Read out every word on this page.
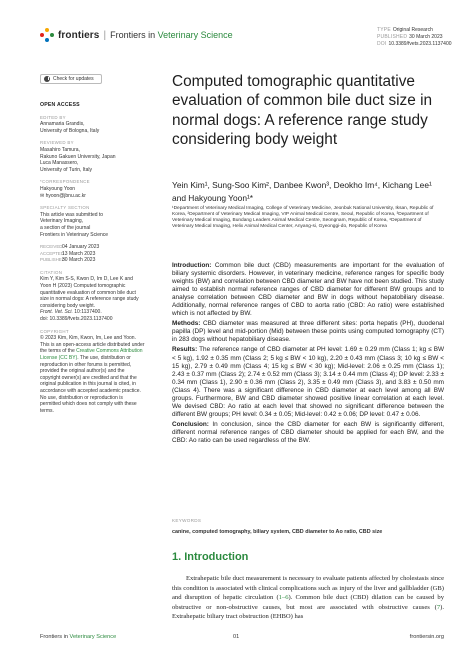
frontiers | Frontiers in Veterinary Science	TYPE Original Research
PUBLISHED 30 March 2023
DOI 10.3389/fvets.2023.1137400
Check for updates
OPEN ACCESS
EDITED BY
Annamaria Grandis,
University of Bologna, Italy
REVIEWED BY
Masahiro Tamura,
Rakuno Gakuen University, Japan
Luca Manassero,
University of Turin, Italy
*CORRESPONDENCE
Hakyoung Yoon
✉ hyoon@jbnu.ac.kr
SPECIALTY SECTION
This article was submitted to
Veterinary Imaging,
a section of the journal
Frontiers in Veterinary Science
RECEIVED 04 January 2023
ACCEPTED
13 March 2023
PUBLISHED
30 March 2023
CITATION
Kim Y, Kim S-S, Kwon D, Im D, Lee K and
Yoon H (2023) Computed tomographic
quantitative evaluation of common bile duct
size in normal dogs: A reference range study
considering body weight.
Front. Vet. Sci. 10:1137400.
doi: 10.3389/fvets.2023.1137400
COPYRIGHT
© 2023 Kim, Kim, Kwon, Im, Lee and Yoon.
This is an open-access article distributed under
the terms of the Creative Commons Attribution
License (CC BY). The use, distribution or
reproduction in other forums is permitted,
provided the original author(s) and the
copyright owner(s) are credited and that the
original publication in this journal is cited, in
accordance with accepted academic practice.
No use, distribution or reproduction is
permitted which does not comply with these
terms.
Computed tomographic quantitative evaluation of common bile duct size in normal dogs: A reference range study considering body weight
Yein Kim¹, Sung-Soo Kim², Danbee Kwon³, Deokho Im⁴, Kichang Lee¹ and Hakyoung Yoon¹*
¹Department of Veterinary Medical Imaging, College of Veterinary Medicine, Jeonbuk National University, Iksan, Republic of Korea, ²Department of Veterinary Medical Imaging, VIP Animal Medical Centre, Seoul, Republic of Korea, ³Department of Veterinary Medical Imaging, Bundang Leaders Animal Medical Centre, Seongnam, Republic of Korea, ⁴Department of Veterinary Medical Imaging, Helix Animal Medical Center, Anyang-si, Gyeonggi-do, Republic of Korea

Introduction: Common bile duct (CBD) measurements are important for the evaluation of biliary systemic disorders. However, in veterinary medicine, reference ranges for specific body weights (BW) and correlation between CBD diameter and BW have not been studied. This study aimed to establish normal reference ranges of CBD diameter for different BW groups and to analyse correlation between CBD diameter and BW in dogs without hepatobiliary disease. Additionally, normal reference ranges of CBD to aorta ratio (CBD: Ao ratio) were established which is not affected by BW.

Methods: CBD diameter was measured at three different sites: porta hepatis (PH), duodenal papilla (DP) level and mid-portion (Mid) between these points using computed tomography (CT) in 283 dogs without hepatobiliary disease.

Results: The reference range of CBD diameter at PH level: 1.69 ± 0.29 mm (Class 1; kg ≤ BW < 5 kg), 1.92 ± 0.35 mm (Class 2; 5 kg ≤ BW < 10 kg), 2.20 ± 0.43 mm (Class 3; 10 kg ≤ BW < 15 kg), 2.79 ± 0.49 mm (Class 4; 15 kg ≤ BW < 30 kg); Mid-level: 2.06 ± 0.25 mm (Class 1); 2.43 ± 0.37 mm (Class 2); 2.74 ± 0.52 mm (Class 3); 3.14 ± 0.44 mm (Class 4); DP level: 2.33 ± 0.34 mm (Class 1), 2.90 ± 0.36 mm (Class 2), 3.35 ± 0.49 mm (Class 3), and 3.83 ± 0.50 mm (Class 4). There was a significant difference in CBD diameter at each level among all BW groups. Furthermore, BW and CBD diameter showed positive linear correlation at each level. We devised CBD: Ao ratio at each level that showed no significant difference between the different BW groups; PH level: 0.34 ± 0.05; Mid-level: 0.42 ± 0.06; DP level: 0.47 ± 0.06.

Conclusion: In conclusion, since the CBD diameter for each BW is significantly different, different normal reference ranges of CBD diameter should be applied for each BW, and the CBD: Ao ratio can be used regardless of the BW.

KEYWORDS
canine, computed tomography, biliary system, CBD diameter to Ao ratio, CBD size
1. Introduction
Extrahepatic bile duct measurement is necessary to evaluate patients affected by cholestasis since this condition is associated with clinical complications such as injury of the liver and gallbladder (GB) and disruption of hepatic circulation (1–6). Common bile duct (CBD) dilation can be caused by obstructive or non-obstructive causes, but most are associated with obstructive causes (7). Extrahepatic biliary tract obstruction (EHBO) has
Frontiers in Veterinary Science	01	frontiersin.org
